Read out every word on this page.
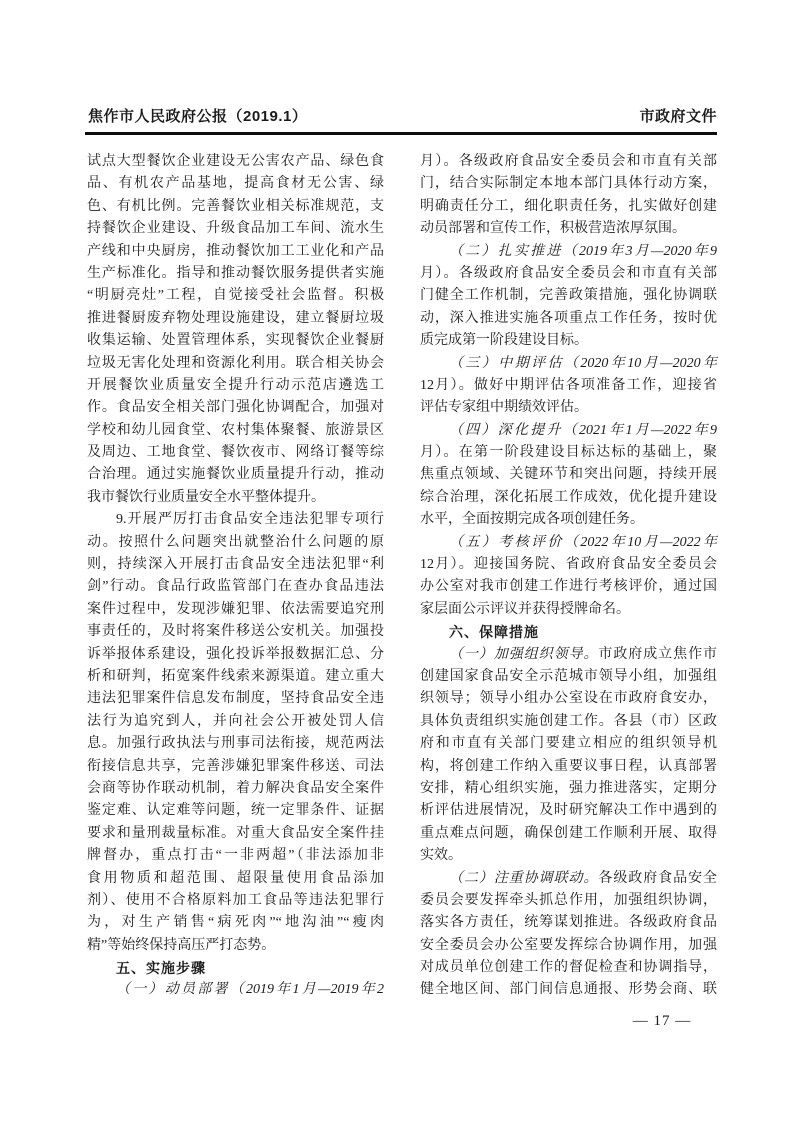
焦作市人民政府公报（2019.1）	市政府文件
试点大型餐饮企业建设无公害农产品、绿色食
品、有机农产品基地，提高食材无公害、绿
色、有机比例。完善餐饮业相关标准规范，支
持餐饮企业建设、升级食品加工车间、流水生
产线和中央厨房，推动餐饮加工工业化和产品
生产标准化。指导和推动餐饮服务提供者实施
“明厨亮灶”工程，自觉接受社会监督。积极
推进餐厨废弃物处理设施建设，建立餐厨垃圾
收集运输、处置管理体系，实现餐饮企业餐厨
垃圾无害化处理和资源化利用。联合相关协会
开展餐饮业质量安全提升行动示范店遴选工
作。食品安全相关部门强化协调配合，加强对
学校和幼儿园食堂、农村集体聚餐、旅游景区
及周边、工地食堂、餐饮夜市、网络订餐等综
合治理。通过实施餐饮业质量提升行动，推动
我市餐饮行业质量安全水平整体提升。
9.开展严厉打击食品安全违法犯罪专项行
动。按照什么问题突出就整治什么问题的原
则，持续深入开展打击食品安全违法犯罪“利
剑”行动。食品行政监管部门在查办食品违法
案件过程中，发现涉嫌犯罪、依法需要追究刑
事责任的，及时将案件移送公安机关。加强投
诉举报体系建设，强化投诉举报数据汇总、分
析和研判，拓宽案件线索来源渠道。建立重大
违法犯罪案件信息发布制度，坚持食品安全违
法行为追究到人，并向社会公开被处罚人信
息。加强行政执法与刑事司法衔接，规范两法
衔接信息共享，完善涉嫌犯罪案件移送、司法
会商等协作联动机制，着力解决食品安全案件
鉴定难、认定难等问题，统一定罪条件、证据
要求和量刑裁量标准。对重大食品安全案件挂
牌督办，重点打击“一非两超”（非法添加非
食用物质和超范围、超限量使用食品添加
剂）、使用不合格原料加工食品等违法犯罪行
为，对生产销售“病死肉”“地沟油”“瘦肉
精”等始终保持高压严打态势。
五、实施步骤
（一）动员部署（2019年1月—2019年2
月）。各级政府食品安全委员会和市直有关部
门，结合实际制定本地本部门具体行动方案，
明确责任分工，细化职责任务，扎实做好创建
动员部署和宣传工作，积极营造浓厚氛围。
（二）扎实推进（2019年3月—2020年9
月）。各级政府食品安全委员会和市直有关部
门健全工作机制，完善政策措施，强化协调联
动，深入推进实施各项重点工作任务，按时优
质完成第一阶段建设目标。
（三）中期评估（2020年10月—2020年
12月）。做好中期评估各项准备工作，迎接省
评估专家组中期绩效评估。
（四）深化提升（2021年1月—2022年9
月）。在第一阶段建设目标达标的基础上，聚
焦重点领域、关键环节和突出问题，持续开展
综合治理，深化拓展工作成效，优化提升建设
水平，全面按期完成各项创建任务。
（五）考核评价（2022年10月—2022年
12月）。迎接国务院、省政府食品安全委员会
办公室对我市创建工作进行考核评价，通过国
家层面公示评议并获得授牌命名。
六、保障措施
（一）加强组织领导。市政府成立焦作市
创建国家食品安全示范城市领导小组，加强组
织领导；领导小组办公室设在市政府食安办，
具体负责组织实施创建工作。各县（市）区政
府和市直有关部门要建立相应的组织领导机
构，将创建工作纳入重要议事日程，认真部署
安排，精心组织实施，强力推进落实，定期分
析评估进展情况，及时研究解决工作中遇到的
重点难点问题，确保创建工作顺利开展、取得
实效。
（二）注重协调联动。各级政府食品安全
委员会要发挥牵头抓总作用，加强组织协调，
落实各方责任，统筹谋划推进。各级政府食品
安全委员会办公室要发挥综合协调作用，加强
对成员单位创建工作的督促检查和协调指导，
健全地区间、部门间信息通报、形势会商、联
— 17 —
